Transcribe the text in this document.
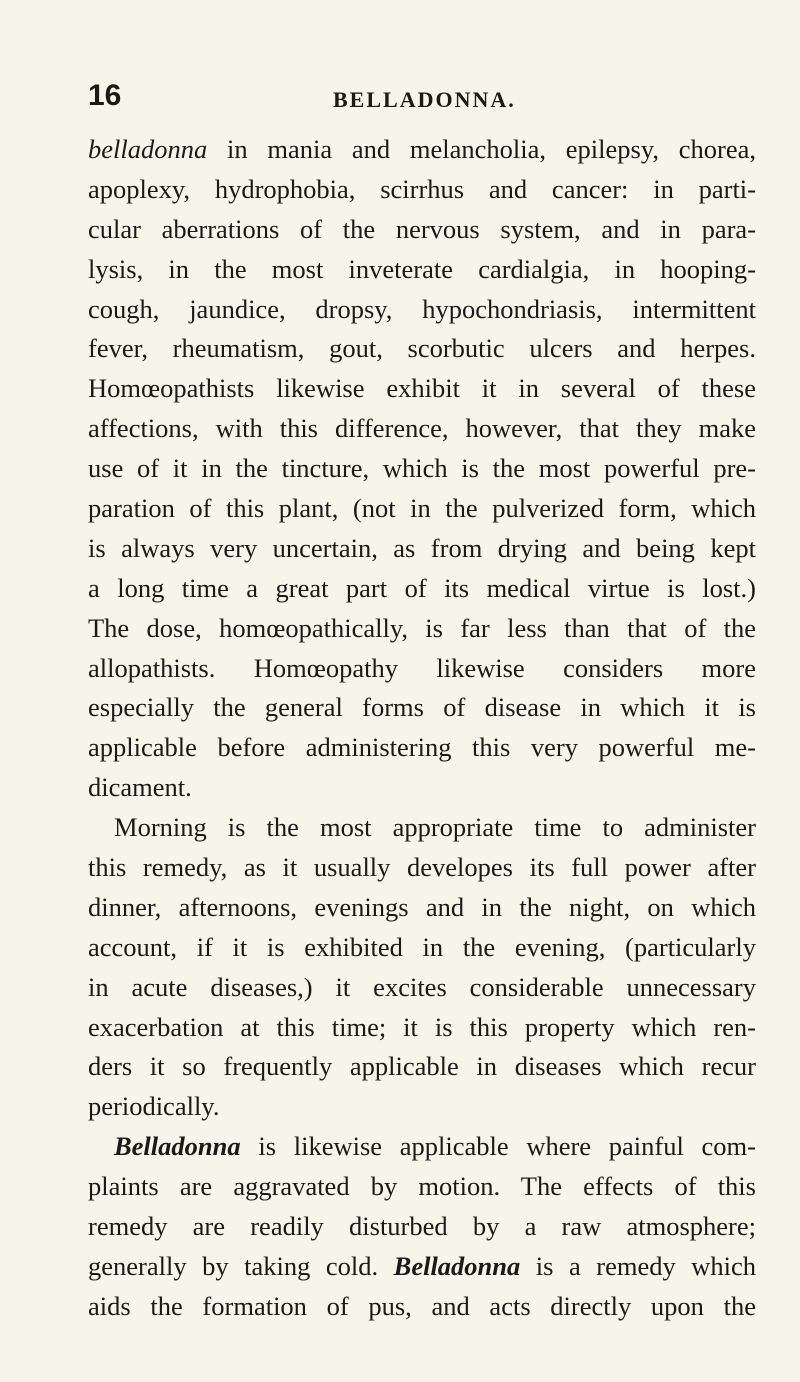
16	BELLADONNA.
belladonna in mania and melancholia, epilepsy, chorea,
apoplexy, hydrophobia, scirrhus and cancer: in parti-
cular aberrations of the nervous system, and in para-
lysis, in the most inveterate cardialgia, in hooping-
cough, jaundice, dropsy, hypochondriasis, intermittent
fever, rheumatism, gout, scorbutic ulcers and herpes.
Homœopathists likewise exhibit it in several of these
affections, with this difference, however, that they make
use of it in the tincture, which is the most powerful pre-
paration of this plant, (not in the pulverized form, which
is always very uncertain, as from drying and being kept
a long time a great part of its medical virtue is lost.)
The dose, homœopathically, is far less than that of the
allopathists. Homœopathy likewise considers more
especially the general forms of disease in which it is
applicable before administering this very powerful me-
dicament.
Morning is the most appropriate time to administer
this remedy, as it usually developes its full power after
dinner, afternoons, evenings and in the night, on which
account, if it is exhibited in the evening, (particularly
in acute diseases,) it excites considerable unnecessary
exacerbation at this time; it is this property which ren-
ders it so frequently applicable in diseases which recur
periodically.
Belladonna is likewise applicable where painful com-
plaints are aggravated by motion. The effects of this
remedy are readily disturbed by a raw atmosphere;
generally by taking cold. Belladonna is a remedy which
aids the formation of pus, and acts directly upon the
